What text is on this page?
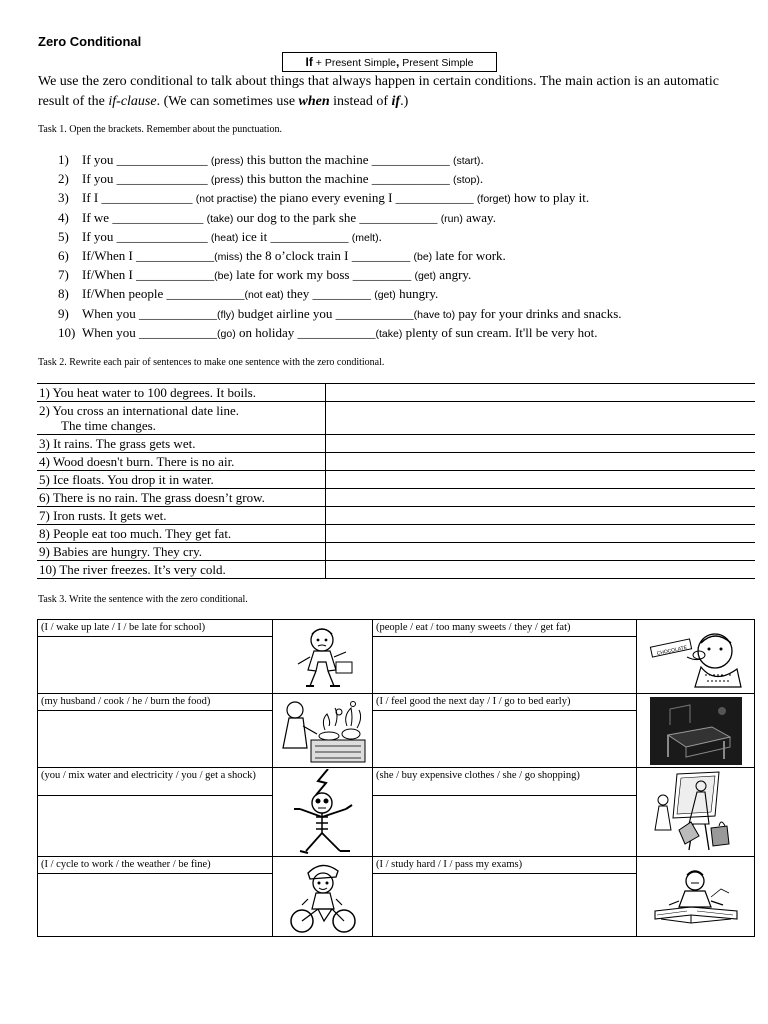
Zero Conditional
If + Present Simple, Present Simple
We use the zero conditional to talk about things that always happen in certain conditions. The main action is an automatic result of the if-clause. (We can sometimes use when instead of if.)
Task 1. Open the brackets. Remember about the punctuation.
1) If you ______________ (press) this button the machine ____________ (start).
2) If you ______________ (press) this button the machine ____________ (stop).
3) If I ______________ (not practise) the piano every evening I ____________ (forget) how to play it.
4) If we ______________ (take) our dog to the park she ____________ (run) away.
5) If you ______________ (heat) ice it ____________ (melt).
6) If/When I ____________(miss) the 8 o’clock train I _________ (be) late for work.
7) If/When I ____________(be) late for work my boss _________ (get) angry.
8) If/When people ____________(not eat) they _________ (get) hungry.
9) When you ____________(fly) budget airline you ____________(have to) pay for your drinks and snacks.
10) When you ____________(go) on holiday ____________(take) plenty of sun cream. It'll be very hot.
Task 2. Rewrite each pair of sentences to make one sentence with the zero conditional.
1) You heat water to 100 degrees. It boils.	

2) You cross an international date line.
The time changes.	

3) It rains. The grass gets wet.	

4) Wood doesn't burn. There is no air.	

5) Ice floats. You drop it in water.	

6) There is no rain. The grass doesn’t grow.	

7) Iron rusts. It gets wet.	

8) People eat too much. They get fat.	

9) Babies are hungry. They cry.	

10) The river freezes. It’s very cold.	

Task 3. Write the sentence with the zero conditional.
(I / wake up late / I / be late for school)		(people / eat / too many sweets / they / get fat)	CHOCOLATE

(my husband / cook / he / burn the food)		(I / feel good the next day / I / go to bed early)	

(you / mix water and electricity / you / get a shock)		(she / buy expensive clothes / she / go shopping)	

(I / cycle to work / the weather / be fine)		(I / study hard / I / pass my exams)	
